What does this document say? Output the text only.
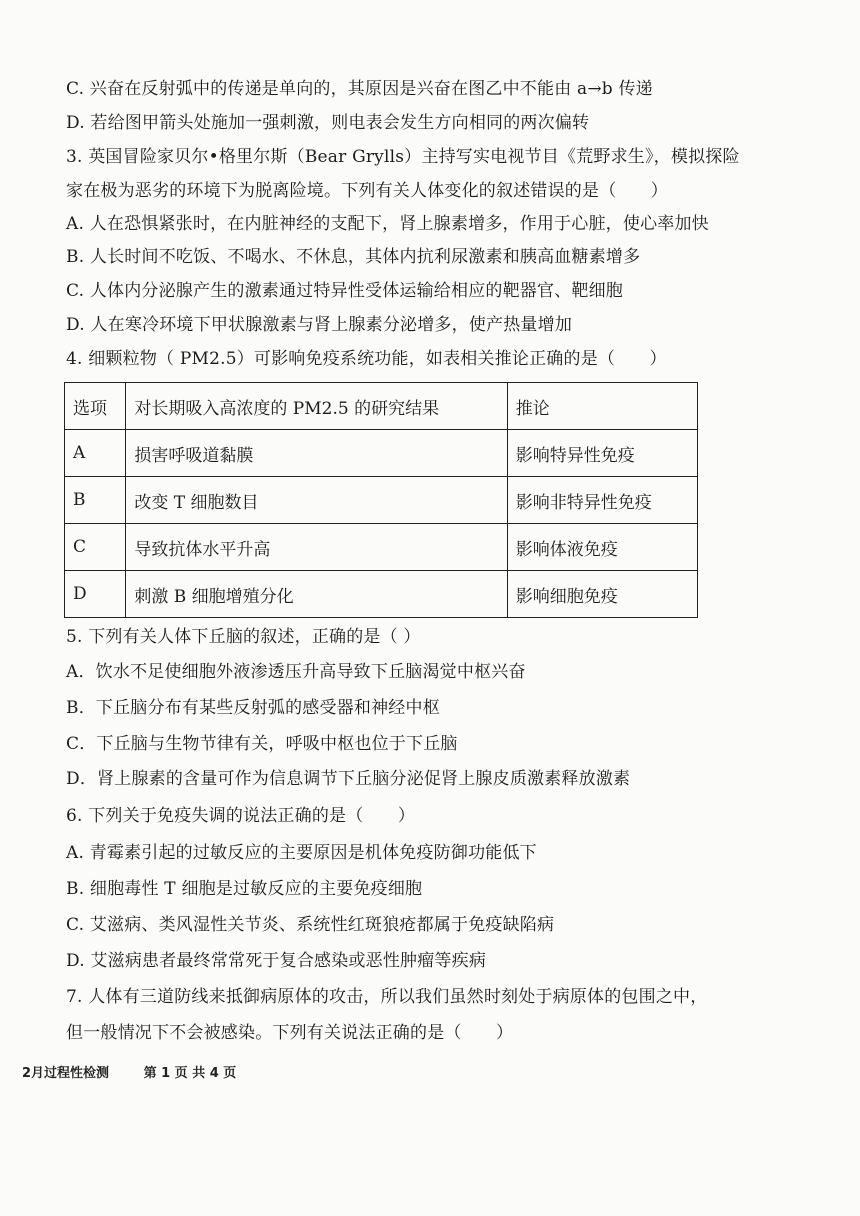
C. 兴奋在反射弧中的传递是单向的，其原因是兴奋在图乙中不能由 a→b 传递
D. 若给图甲箭头处施加一强刺激，则电表会发生方向相同的两次偏转
3. 英国冒险家贝尔•格里尔斯（Bear Grylls）主持写实电视节目《荒野求生》，模拟探险
家在极为恶劣的环境下为脱离险境。下列有关人体变化的叙述错误的是（　　）
A. 人在恐惧紧张时，在内脏神经的支配下，肾上腺素增多，作用于心脏，使心率加快
B. 人长时间不吃饭、不喝水、不休息，其体内抗利尿激素和胰高血糖素增多
C. 人体内分泌腺产生的激素通过特异性受体运输给相应的靶器官、靶细胞
D. 人在寒冷环境下甲状腺激素与肾上腺素分泌增多，使产热量增加
4. 细颗粒物（ PM2.5）可影响免疫系统功能，如表相关推论正确的是（　　）
选项	对长期吸入高浓度的 PM2.5 的研究结果	推论
A	损害呼吸道黏膜	影响特异性免疫
B	改变 T 细胞数目	影响非特异性免疫
C	导致抗体水平升高	影响体液免疫
D	刺激 B 细胞增殖分化	影响细胞免疫
5. 下列有关人体下丘脑的叙述，正确的是（ ）
A．饮水不足使细胞外液渗透压升高导致下丘脑渴觉中枢兴奋
B．下丘脑分布有某些反射弧的感受器和神经中枢
C．下丘脑与生物节律有关，呼吸中枢也位于下丘脑
D．肾上腺素的含量可作为信息调节下丘脑分泌促肾上腺皮质激素释放激素
6. 下列关于免疫失调的说法正确的是（　　）
A. 青霉素引起的过敏反应的主要原因是机体免疫防御功能低下
B. 细胞毒性 T 细胞是过敏反应的主要免疫细胞
C. 艾滋病、类风湿性关节炎、系统性红斑狼疮都属于免疫缺陷病
D. 艾滋病患者最终常常死于复合感染或恶性肿瘤等疾病
7. 人体有三道防线来抵御病原体的攻击，所以我们虽然时刻处于病原体的包围之中，
但一般情况下不会被感染。下列有关说法正确的是（　　）
2月过程性检测	第 1 页 共 4 页
